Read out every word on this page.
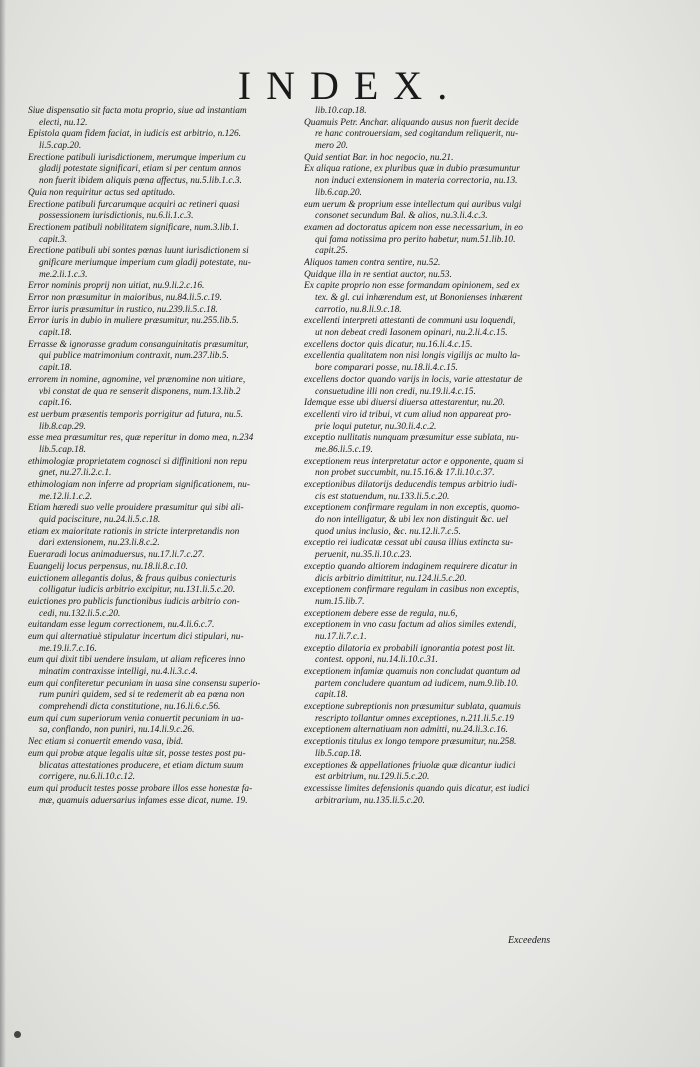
INDEX.
Siue dispensatio sit facta motu proprio, siue ad instantiam
electi, nu.12.
Epistola quam fidem faciat, in iudicis est arbitrio, n.126.
li.5.cap.20.
Erectione patibuli iurisdictionem, merumque imperium cu
gladij potestate significari, etiam si per centum annos
non fuerit ibidem aliquis pœna affectus, nu.5.lib.1.c.3.
Quia non requiritur actus sed aptitudo.
Erectione patibuli furcarumque acquiri ac retineri quasi
possessionem iurisdictionis, nu.6.li.1.c.3.
Erectionem patibuli nobilitatem significare, num.3.lib.1.
capit.3.
Erectione patibuli ubi sontes pœnas luunt iurisdictionem si
gnificare meriumque imperium cum gladij potestate, nu-
me.2.li.1.c.3.
Error nominis proprij non uitiat, nu.9.li.2.c.16.
Error non præsumitur in maioribus, nu.84.li.5.c.19.
Error iuris præsumitur in rustico, nu.239.li.5.c.18.
Error iuris in dubio in muliere præsumitur, nu.255.lib.5.
capit.18.
Errasse & ignorasse gradum consanguinitatis præsumitur,
qui publice matrimonium contraxit, num.237.lib.5.
capit.18.
errorem in nomine, agnomine, vel prænomine non uitiare,
vbi constat de qua re senserit disponens, num.13.lib.2
capit.16.
est uerbum præsentis temporis porrigitur ad futura, nu.5.
lib.8.cap.29.
esse mea præsumitur res, quæ reperitur in domo mea, n.234
lib.5.cap.18.
ethimologiæ proprietatem cognosci si diffinitioni non repu
gnet, nu.27.li.2.c.1.
ethimologiam non inferre ad propriam significationem, nu-
me.12.li.1.c.2.
Etiam hæredi suo velle prouidere præsumitur qui sibi ali-
quid pacisciture, nu.24.li.5.c.18.
etiam ex maioritate rationis in stricte interpretandis non
dari extensionem, nu.23.li.8.c.2.
Eueraradi locus animaduersus, nu.17.li.7.c.27.
Euangelij locus perpensus, nu.18.li.8.c.10.
euictionem allegantis dolus, & fraus quibus coniecturis
colligatur iudicis arbitrio excipitur, nu.131.li.5.c.20.
euictiones pro publicis functionibus iudicis arbitrio con-
cedi, nu.132.li.5.c.20.
euitandam esse legum correctionem, nu.4.li.6.c.7.
eum qui alternatiuè stipulatur incertum dici stipulari, nu-
me.19.li.7.c.16.
eum qui dixit tibi uendere insulam, ut aliam reficeres inno
minatim contraxisse intelligi, nu.4.li.3.c.4.
eum qui confiteretur pecuniam in uasa sine consensu superio-
rum puniri quidem, sed si te redemerit ab ea pœna non
comprehendi dicta constitutione, nu.16.li.6.c.56.
eum qui cum superiorum venia conuertit pecuniam in ua-
sa, conflando, non puniri, nu.14.li.9.c.26.
Nec etiam si conuertit emendo vasa, ibid.
eum qui probæ atque legalis uitæ sit, posse testes post pu-
blicatas attestationes producere, et etiam dictum suum
corrigere, nu.6.li.10.c.12.
eum qui producit testes posse probare illos esse honestæ fa-
mæ, quamuis aduersarius infames esse dicat, nume. 19.
lib.10.cap.18.
Quamuis Petr. Anchar. aliquando ausus non fuerit decide
re hanc controuersiam, sed cogitandum reliquerit, nu-
mero 20.
Quid sentiat Bar. in hoc negocio, nu.21.
Ex aliqua ratione, ex pluribus quæ in dubio præsumuntur
non induci extensionem in materia correctoria, nu.13.
lib.6.cap.20.
eum uerum & proprium esse intellectum qui auribus vulgi
consonet secundum Bal. & alios, nu.3.li.4.c.3.
examen ad doctoratus apicem non esse necessarium, in eo
qui fama notissima pro perito habetur, num.51.lib.10.
capit.25.
Aliquos tamen contra sentire, nu.52.
Quidque illa in re sentiat auctor, nu.53.
Ex capite proprio non esse formandam opinionem, sed ex
tex. & gl. cui inhærendum est, ut Bononienses inhærent
carrotio, nu.8.li.9.c.18.
excellenti interpreti attestanti de communi usu loquendi,
ut non debeat credi Iasonem opinari, nu.2.li.4.c.15.
excellens doctor quis dicatur, nu.16.li.4.c.15.
excellentia qualitatem non nisi longis vigilijs ac multo la-
bore comparari posse, nu.18.li.4.c.15.
excellens doctor quando varijs in locis, varie attestatur de
consuetudine illi non credi, nu.19.li.4.c.15.
Idemque esse ubi diuersi diuersa attestarentur, nu.20.
excellenti viro id tribui, vt cum aliud non appareat pro-
prie loqui putetur, nu.30.li.4.c.2.
exceptio nullitatis nunquam præsumitur esse sublata, nu-
me.86.li.5.c.19.
exceptionem reus interpretatur actor e opponente, quam si
non probet succumbit, nu.15.16.& 17.li.10.c.37.
exceptionibus dilatorijs deducendis tempus arbitrio iudi-
cis est statuendum, nu.133.li.5.c.20.
exceptionem confirmare regulam in non exceptis, quomo-
do non intelligatur, & ubi lex non distinguit &c. uel
quod unius inclusio, &c. nu.12.li.7.c.5.
exceptio rei iudicatæ cessat ubi causa illius extincta su-
peruenit, nu.35.li.10.c.23.
exceptio quando altiorem indaginem requirere dicatur in
dicis arbitrio dimittitur, nu.124.li.5.c.20.
exceptionem confirmare regulam in casibus non exceptis,
num.15.lib.7.
exceptionem debere esse de regula, nu.6,
exceptionem in vno casu factum ad alios similes extendi,
nu.17.li.7.c.1.
exceptio dilatoria ex probabili ignorantia potest post lit.
contest. opponi, nu.14.li.10.c.31.
exceptionem infamiæ quamuis non concludat quantum ad
partem concludere quantum ad iudicem, num.9.lib.10.
capit.18.
exceptione subreptionis non præsumitur sublata, quamuis
rescripto tollantur omnes exceptiones, n.211.li.5.c.19
exceptionem alternatiuam non admitti, nu.24.li.3.c.16.
exceptionis titulus ex longo tempore præsumitur, nu.258.
lib.5.cap.18.
exceptiones & appellationes friuolæ quæ dicantur iudici
est arbitrium, nu.129.li.5.c.20.
excessisse limites defensionis quando quis dicatur, est iudici
arbitrarium, nu.135.li.5.c.20.
Exceedens
